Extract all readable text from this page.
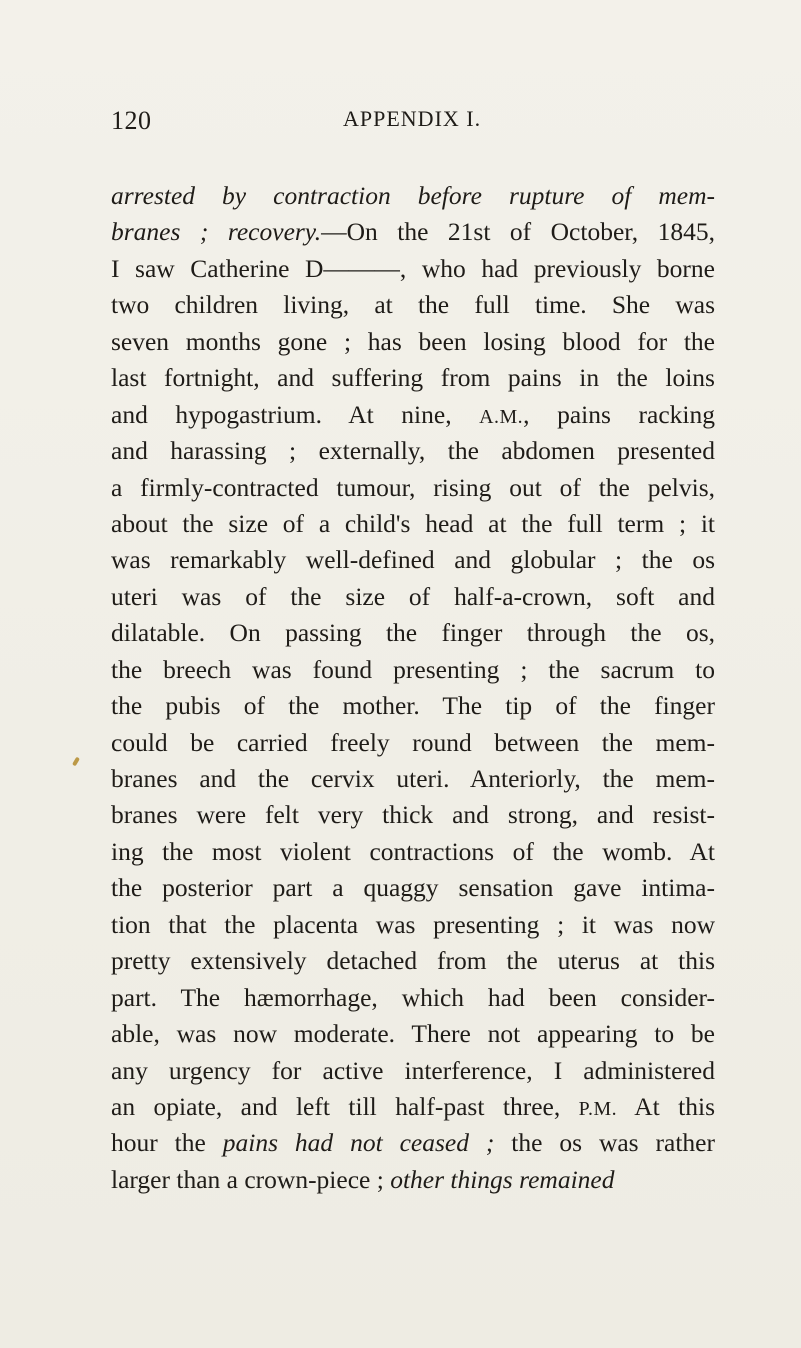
120	APPENDIX I.
arrested by contraction before rupture of mem-
branes ; recovery.—On the 21st of October, 1845,
I saw Catherine D———, who had previously borne
two children living, at the full time. She was
seven months gone ; has been losing blood for the
last fortnight, and suffering from pains in the loins
and hypogastrium. At nine, A.M., pains racking
and harassing ; externally, the abdomen presented
a firmly-contracted tumour, rising out of the pelvis,
about the size of a child's head at the full term ; it
was remarkably well-defined and globular ; the os
uteri was of the size of half-a-crown, soft and
dilatable. On passing the finger through the os,
the breech was found presenting ; the sacrum to
the pubis of the mother. The tip of the finger
could be carried freely round between the mem-
branes and the cervix uteri. Anteriorly, the mem-
branes were felt very thick and strong, and resist-
ing the most violent contractions of the womb. At
the posterior part a quaggy sensation gave intima-
tion that the placenta was presenting ; it was now
pretty extensively detached from the uterus at this
part. The hæmorrhage, which had been consider-
able, was now moderate. There not appearing to be
any urgency for active interference, I administered
an opiate, and left till half-past three, P.M. At this
hour the pains had not ceased ; the os was rather
larger than a crown-piece ; other things remained
